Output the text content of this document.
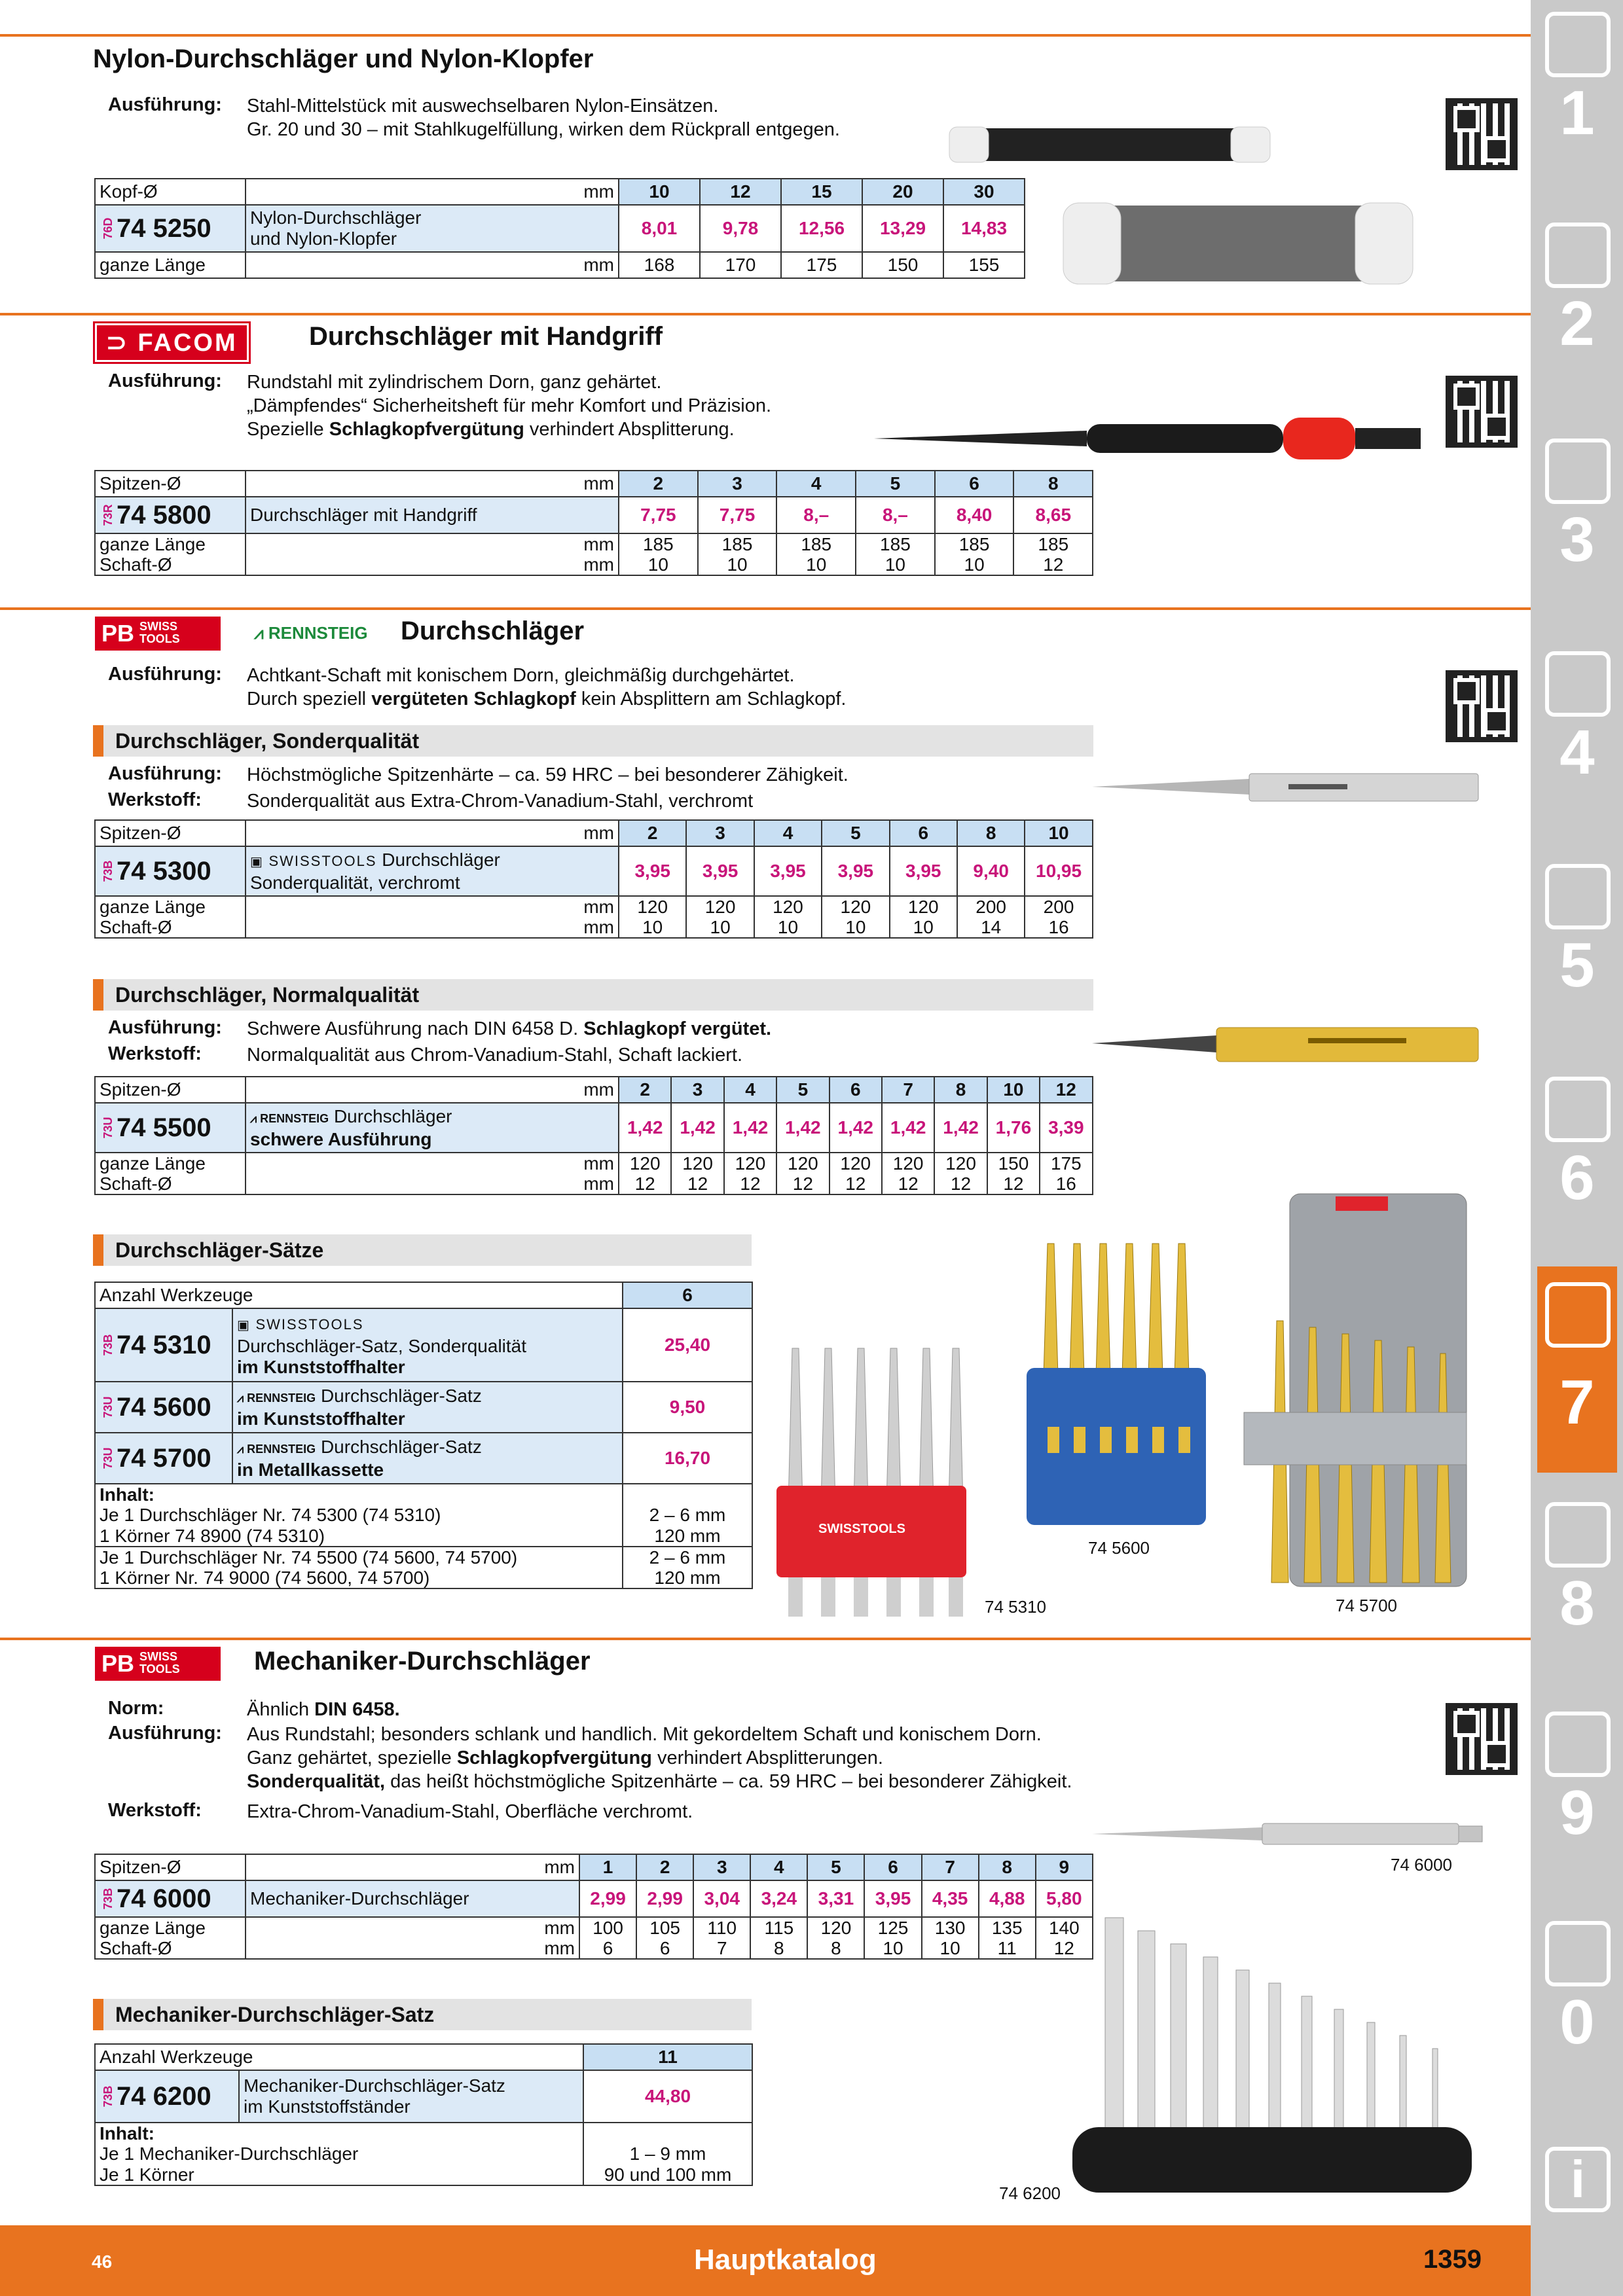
Nylon-Durchschläger und Nylon-Klopfer
Ausführung: Stahl-Mittelstück mit auswechselbaren Nylon-Einsätzen.
Gr. 20 und 30 – mit Stahlkugelfüllung, wirken dem Rückprall entgegen.
Kopf-Ø	mm	10	12	15	20	30

76D 74 5250	Nylon-Durchschläger
und Nylon-Klopfer	8,01	9,78	12,56	13,29	14,83
ganze Länge	mm	168	170	175	150	155
⊃ FACOM	Durchschläger mit Handgriff
Ausführung: Rundstahl mit zylindrischem Dorn, ganz gehärtet.
„Dämpfendes“ Sicherheitsheft für mehr Komfort und Präzision.
Spezielle Schlagkopfvergütung verhindert Absplitterung.
Spitzen-Ø	mm	2	3	4	5	6	8

73R 74 5800	Durchschläger mit Handgriff	7,75	7,75	8,–	8,–	8,40	8,65
ganze Länge	mm	185	185	185	185	185	185
Schaft-Ø	mm	10	10	10	10	10	12
PB SWISS
TOOLS	⩘ RENNSTEIG Durchschläger
Ausführung: Achtkant-Schaft mit konischem Dorn, gleichmäßig durchgehärtet.
Durch speziell vergüteten Schlagkopf kein Absplittern am Schlagkopf.
Durchschläger, Sonderqualität
Ausführung: Höchstmögliche Spitzenhärte – ca. 59 HRC – bei besonderer Zähigkeit.
Werkstoff: Sonderqualität aus Extra-Chrom-Vanadium-Stahl, verchromt
Spitzen-Ø	mm	2	3	4	5	6	8	10

73B 74 5300	▣ SWISSTOOLS Durchschläger
Sonderqualität, verchromt	3,95	3,95	3,95	3,95	3,95	9,40	10,95
ganze Länge	mm	120	120	120	120	120	200	200
Schaft-Ø	mm	10	10	10	10	10	14	16
Durchschläger, Normalqualität
Ausführung: Schwere Ausführung nach DIN 6458 D. Schlagkopf vergütet.
Werkstoff: Normalqualität aus Chrom-Vanadium-Stahl, Schaft lackiert.
Spitzen-Ø	mm	2	3	4	5	6	7	8	10	12

73U 74 5500	⩘ RENNSTEIG Durchschläger
schwere Ausführung	1,42	1,42	1,42	1,42	1,42	1,42	1,42	1,76	3,39
ganze Länge	mm	120	120	120	120	120	120	120	150	175
Schaft-Ø	mm	12	12	12	12	12	12	12	12	16
Durchschläger-Sätze
Anzahl Werkzeuge		6

73B 74 5310	▣ SWISSTOOLS
Durchschläger-Satz, Sonderqualität
im Kunststoffhalter	25,40

73U 74 5600	⩘ RENNSTEIG Durchschläger-Satz
im Kunststoffhalter	9,50

73U 74 5700	⩘ RENNSTEIG Durchschläger-Satz
in Metallkassette	16,70
Inhalt:		
Je 1 Durchschläger Nr. 74 5300 (74 5310)		2 – 6 mm
1 Körner 74 8900 (74 5310)		120 mm
Je 1 Durchschläger Nr. 74 5500 (74 5600, 74 5700)		2 – 6 mm
1 Körner Nr. 74 9000 (74 5600, 74 5700)		120 mm
SWISSTOOLS
74 5310
74 5600
74 5700
PB SWISS
TOOLS	Mechaniker-Durchschläger
Norm:	Ähnlich DIN 6458.
Ausführung: Aus Rundstahl; besonders schlank und handlich. Mit gekordeltem Schaft und konischem Dorn.
Ganz gehärtet, spezielle Schlagkopfvergütung verhindert Absplitterungen.
Sonderqualität, das heißt höchstmögliche Spitzenhärte – ca. 59 HRC – bei besonderer Zähigkeit.
Werkstoff: Extra-Chrom-Vanadium-Stahl, Oberfläche verchromt.
74 6000
Spitzen-Ø	mm	1	2	3	4	5	6	7	8	9

73B 74 6000	Mechaniker-Durchschläger	2,99	2,99	3,04	3,24	3,31	3,95	4,35	4,88	5,80
ganze Länge	mm	100	105	110	115	120	125	130	135	140
Schaft-Ø	mm	6	6	7	8	8	10	10	11	12
Mechaniker-Durchschläger-Satz
Anzahl Werkzeuge		11

73B 74 6200	Mechaniker-Durchschläger-Satz
im Kunststoffständer	44,80
Inhalt:		
Je 1 Mechaniker-Durchschläger		1 – 9 mm
Je 1 Körner		90 und 100 mm
74 6200
1
2
3
4
5
6
7
8
9
0
i
46	Hauptkatalog	1359
